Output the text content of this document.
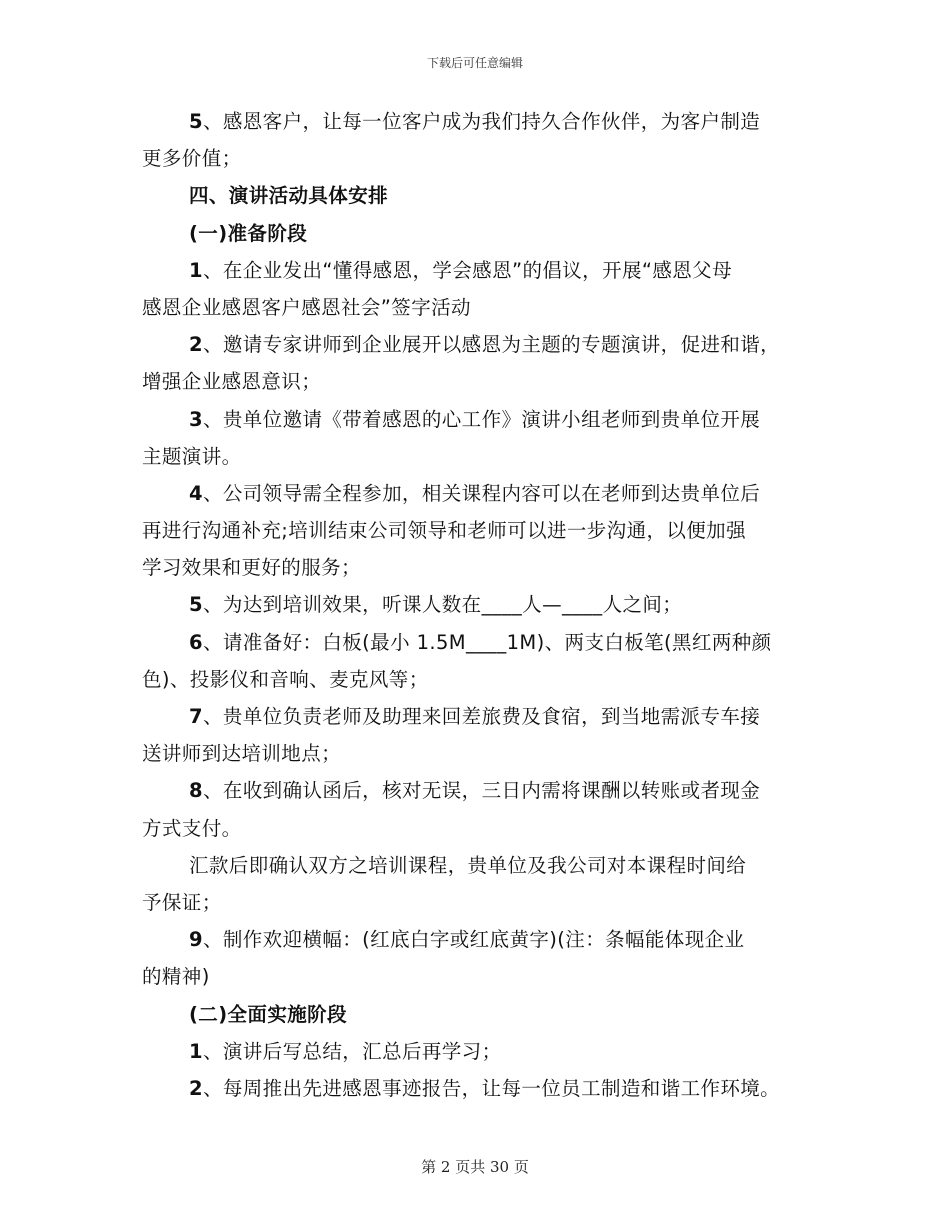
下载后可任意编辑
5、感恩客户，让每一位客户成为我们持久合作伙伴，为客户制造
更多价值；
四、演讲活动具体安排
(一)准备阶段
1、在企业发出“懂得感恩，学会感恩”的倡议，开展“感恩父母
感恩企业感恩客户感恩社会”签字活动
2、邀请专家讲师到企业展开以感恩为主题的专题演讲，促进和谐，
增强企业感恩意识；
3、贵单位邀请《带着感恩的心工作》演讲小组老师到贵单位开展
主题演讲。
4、公司领导需全程参加，相关课程内容可以在老师到达贵单位后
再进行沟通补充;培训结束公司领导和老师可以进一步沟通，以便加强
学习效果和更好的服务；
5、为达到培训效果，听课人数在____人—____人之间；
6、请准备好：白板(最小 1.5M____1M)、两支白板笔(黑红两种颜
色)、投影仪和音响、麦克风等；
7、贵单位负责老师及助理来回差旅费及食宿，到当地需派专车接
送讲师到达培训地点；
8、在收到确认函后，核对无误，三日内需将课酬以转账或者现金
方式支付。
汇款后即确认双方之培训课程，贵单位及我公司对本课程时间给
予保证；
9、制作欢迎横幅：(红底白字或红底黄字)(注：条幅能体现企业
的精神)
(二)全面实施阶段
1、演讲后写总结，汇总后再学习；
2、每周推出先进感恩事迹报告，让每一位员工制造和谐工作环境。
第 2 页共 30 页
